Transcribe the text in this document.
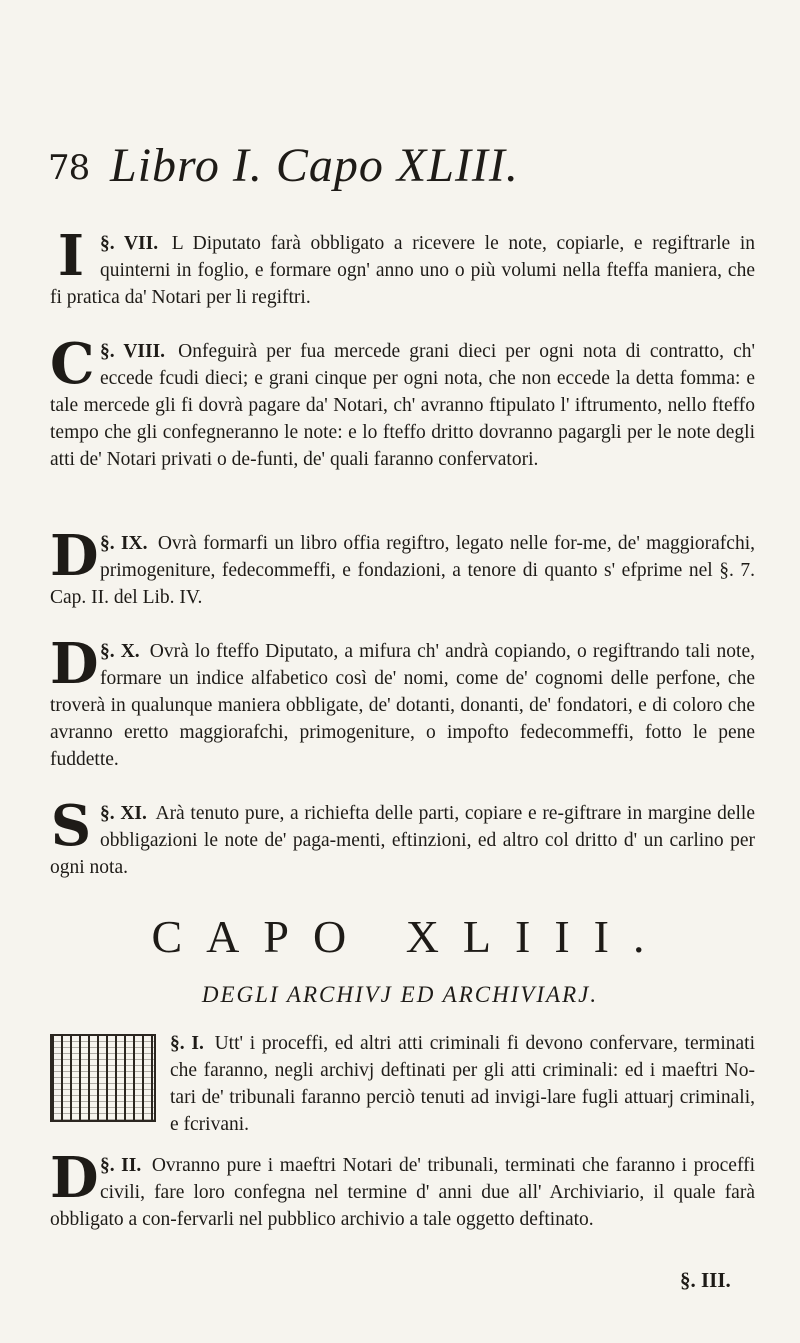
78 Libro I. Capo XLIII.
I §. VII. L Diputato farà obbligato a ricevere le note, copiarle, e regiftrarle in quinterni in foglio, e formare ogn' anno uno o più volumi nella fteffa maniera, che fi pratica da' Notari per li regiftri.

C §. VIII. Onfeguirà per fua mercede grani dieci per ogni nota di contratto, ch' eccede fcudi dieci; e grani cinque per ogni nota, che non eccede la detta fomma: e tale mercede gli fi dovrà pagare da' Notari, ch' avranno ftipulato l' iftrumento, nello fteffo tempo che gli confegneranno le note: e lo fteffo dritto dovranno pagargli per le note degli atti de' Notari privati o de-funti, de' quali faranno confervatori.

D §. IX. Ovrà formarfi un libro offia regiftro, legato nelle for-me, de' maggiorafchi, primogeniture, fedecommeffi, e fondazioni, a tenore di quanto s' efprime nel §. 7. Cap. II. del Lib. IV.

D §. X. Ovrà lo fteffo Diputato, a mifura ch' andrà copiando, o regiftrando tali note, formare un indice alfabetico così de' nomi, come de' cognomi delle perfone, che troverà in qualunque maniera obbligate, de' dotanti, donanti, de' fondatori, e di coloro che avranno eretto maggiorafchi, primogeniture, o impofto fedecommeffi, fotto le pene fuddette.

S §. XI. Arà tenuto pure, a richiefta delle parti, copiare e re-giftrare in margine delle obbligazioni le note de' paga-menti, eftinzioni, ed altro col dritto d' un carlino per ogni nota.

CAPO XLIII.
DEGLI ARCHIVJ ED ARCHIVIARJ.

§. I. Utt' i proceffi, ed altri atti criminali fi devono confervare, terminati che faranno, negli archivj deftinati per gli atti criminali: ed i maeftri No-tari de' tribunali faranno perciò tenuti ad invigi-lare fugli attuarj criminali, e fcrivani.

D §. II. Ovranno pure i maeftri Notari de' tribunali, terminati che faranno i proceffi civili, fare loro confegna nel termine d' anni due all' Archiviario, il quale farà obbligato a con-fervarli nel pubblico archivio a tale oggetto deftinato.

§. III.
